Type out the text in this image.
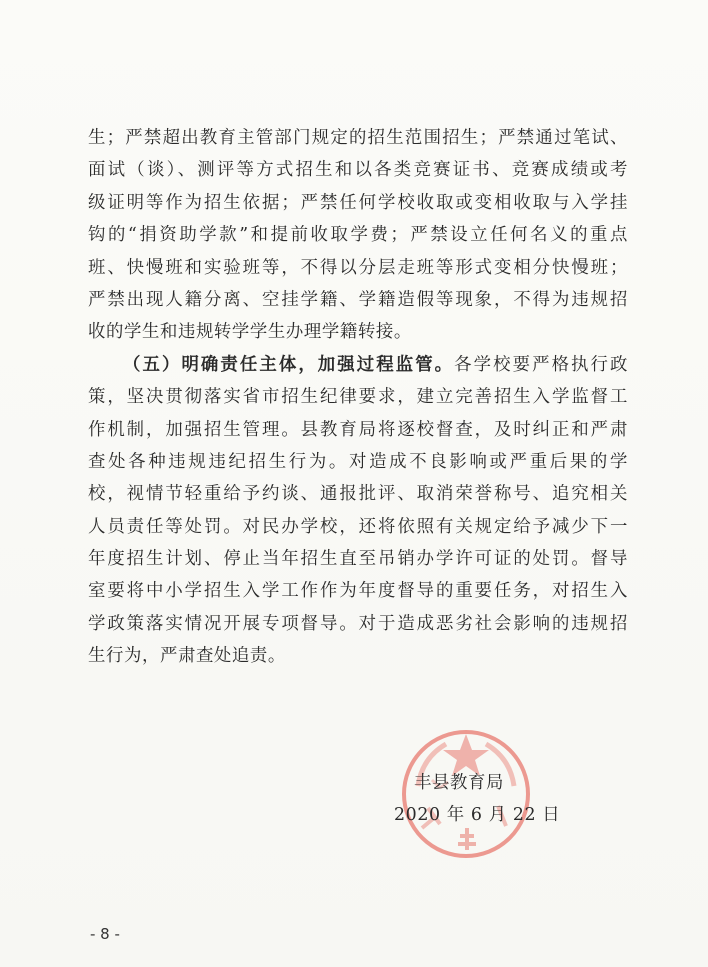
生；严禁超出教育主管部门规定的招生范围招生；严禁通过笔试、
面试（谈）、测评等方式招生和以各类竞赛证书、竞赛成绩或考
级证明等作为招生依据；严禁任何学校收取或变相收取与入学挂
钩的“捐资助学款”和提前收取学费；严禁设立任何名义的重点
班、快慢班和实验班等，不得以分层走班等形式变相分快慢班；
严禁出现人籍分离、空挂学籍、学籍造假等现象，不得为违规招
收的学生和违规转学学生办理学籍转接。
（五）明确责任主体，加强过程监管。各学校要严格执行政
策，坚决贯彻落实省市招生纪律要求，建立完善招生入学监督工
作机制，加强招生管理。县教育局将逐校督查，及时纠正和严肃
查处各种违规违纪招生行为。对造成不良影响或严重后果的学
校，视情节轻重给予约谈、通报批评、取消荣誉称号、追究相关
人员责任等处罚。对民办学校，还将依照有关规定给予减少下一
年度招生计划、停止当年招生直至吊销办学许可证的处罚。督导
室要将中小学招生入学工作作为年度督导的重要任务，对招生入
学政策落实情况开展专项督导。对于造成恶劣社会影响的违规招
生行为，严肃查处追责。
丰县教育局
2020 年 6 月 22 日
- 8 -
